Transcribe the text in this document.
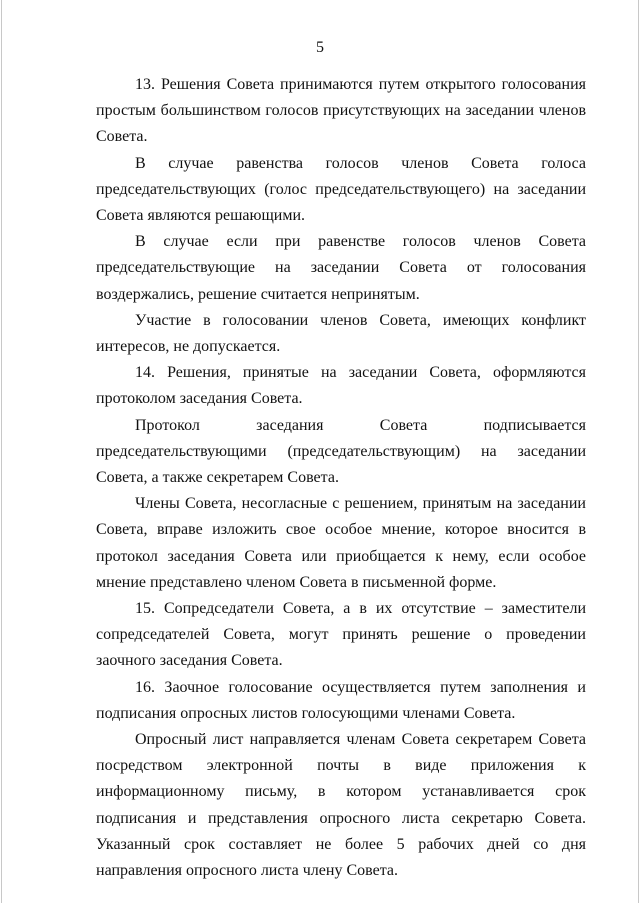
5

13. Решения Совета принимаются путем открытого голосования простым большинством голосов присутствующих на заседании членов Совета.

В случае равенства голосов членов Совета голоса председательствующих (голос председательствующего) на заседании Совета являются решающими.

В случае если при равенстве голосов членов Совета председательствующие на заседании Совета от голосования воздержались, решение считается непринятым.

Участие в голосовании членов Совета, имеющих конфликт интересов, не допускается.

14. Решения, принятые на заседании Совета, оформляются протоколом заседания Совета.

Протокол заседания Совета подписывается председательствующими (председательствующим) на заседании Совета, а также секретарем Совета.

Члены Совета, несогласные с решением, принятым на заседании Совета, вправе изложить свое особое мнение, которое вносится в протокол заседания Совета или приобщается к нему, если особое мнение представлено членом Совета в письменной форме.

15. Сопредседатели Совета, а в их отсутствие – заместители сопредседателей Совета, могут принять решение о проведении заочного заседания Совета.

16. Заочное голосование осуществляется путем заполнения и подписания опросных листов голосующими членами Совета.

Опросный лист направляется членам Совета секретарем Совета посредством электронной почты в виде приложения к информационному письму, в котором устанавливается срок подписания и представления опросного листа секретарю Совета. Указанный срок составляет не более 5 рабочих дней со дня направления опросного листа члену Совета.
